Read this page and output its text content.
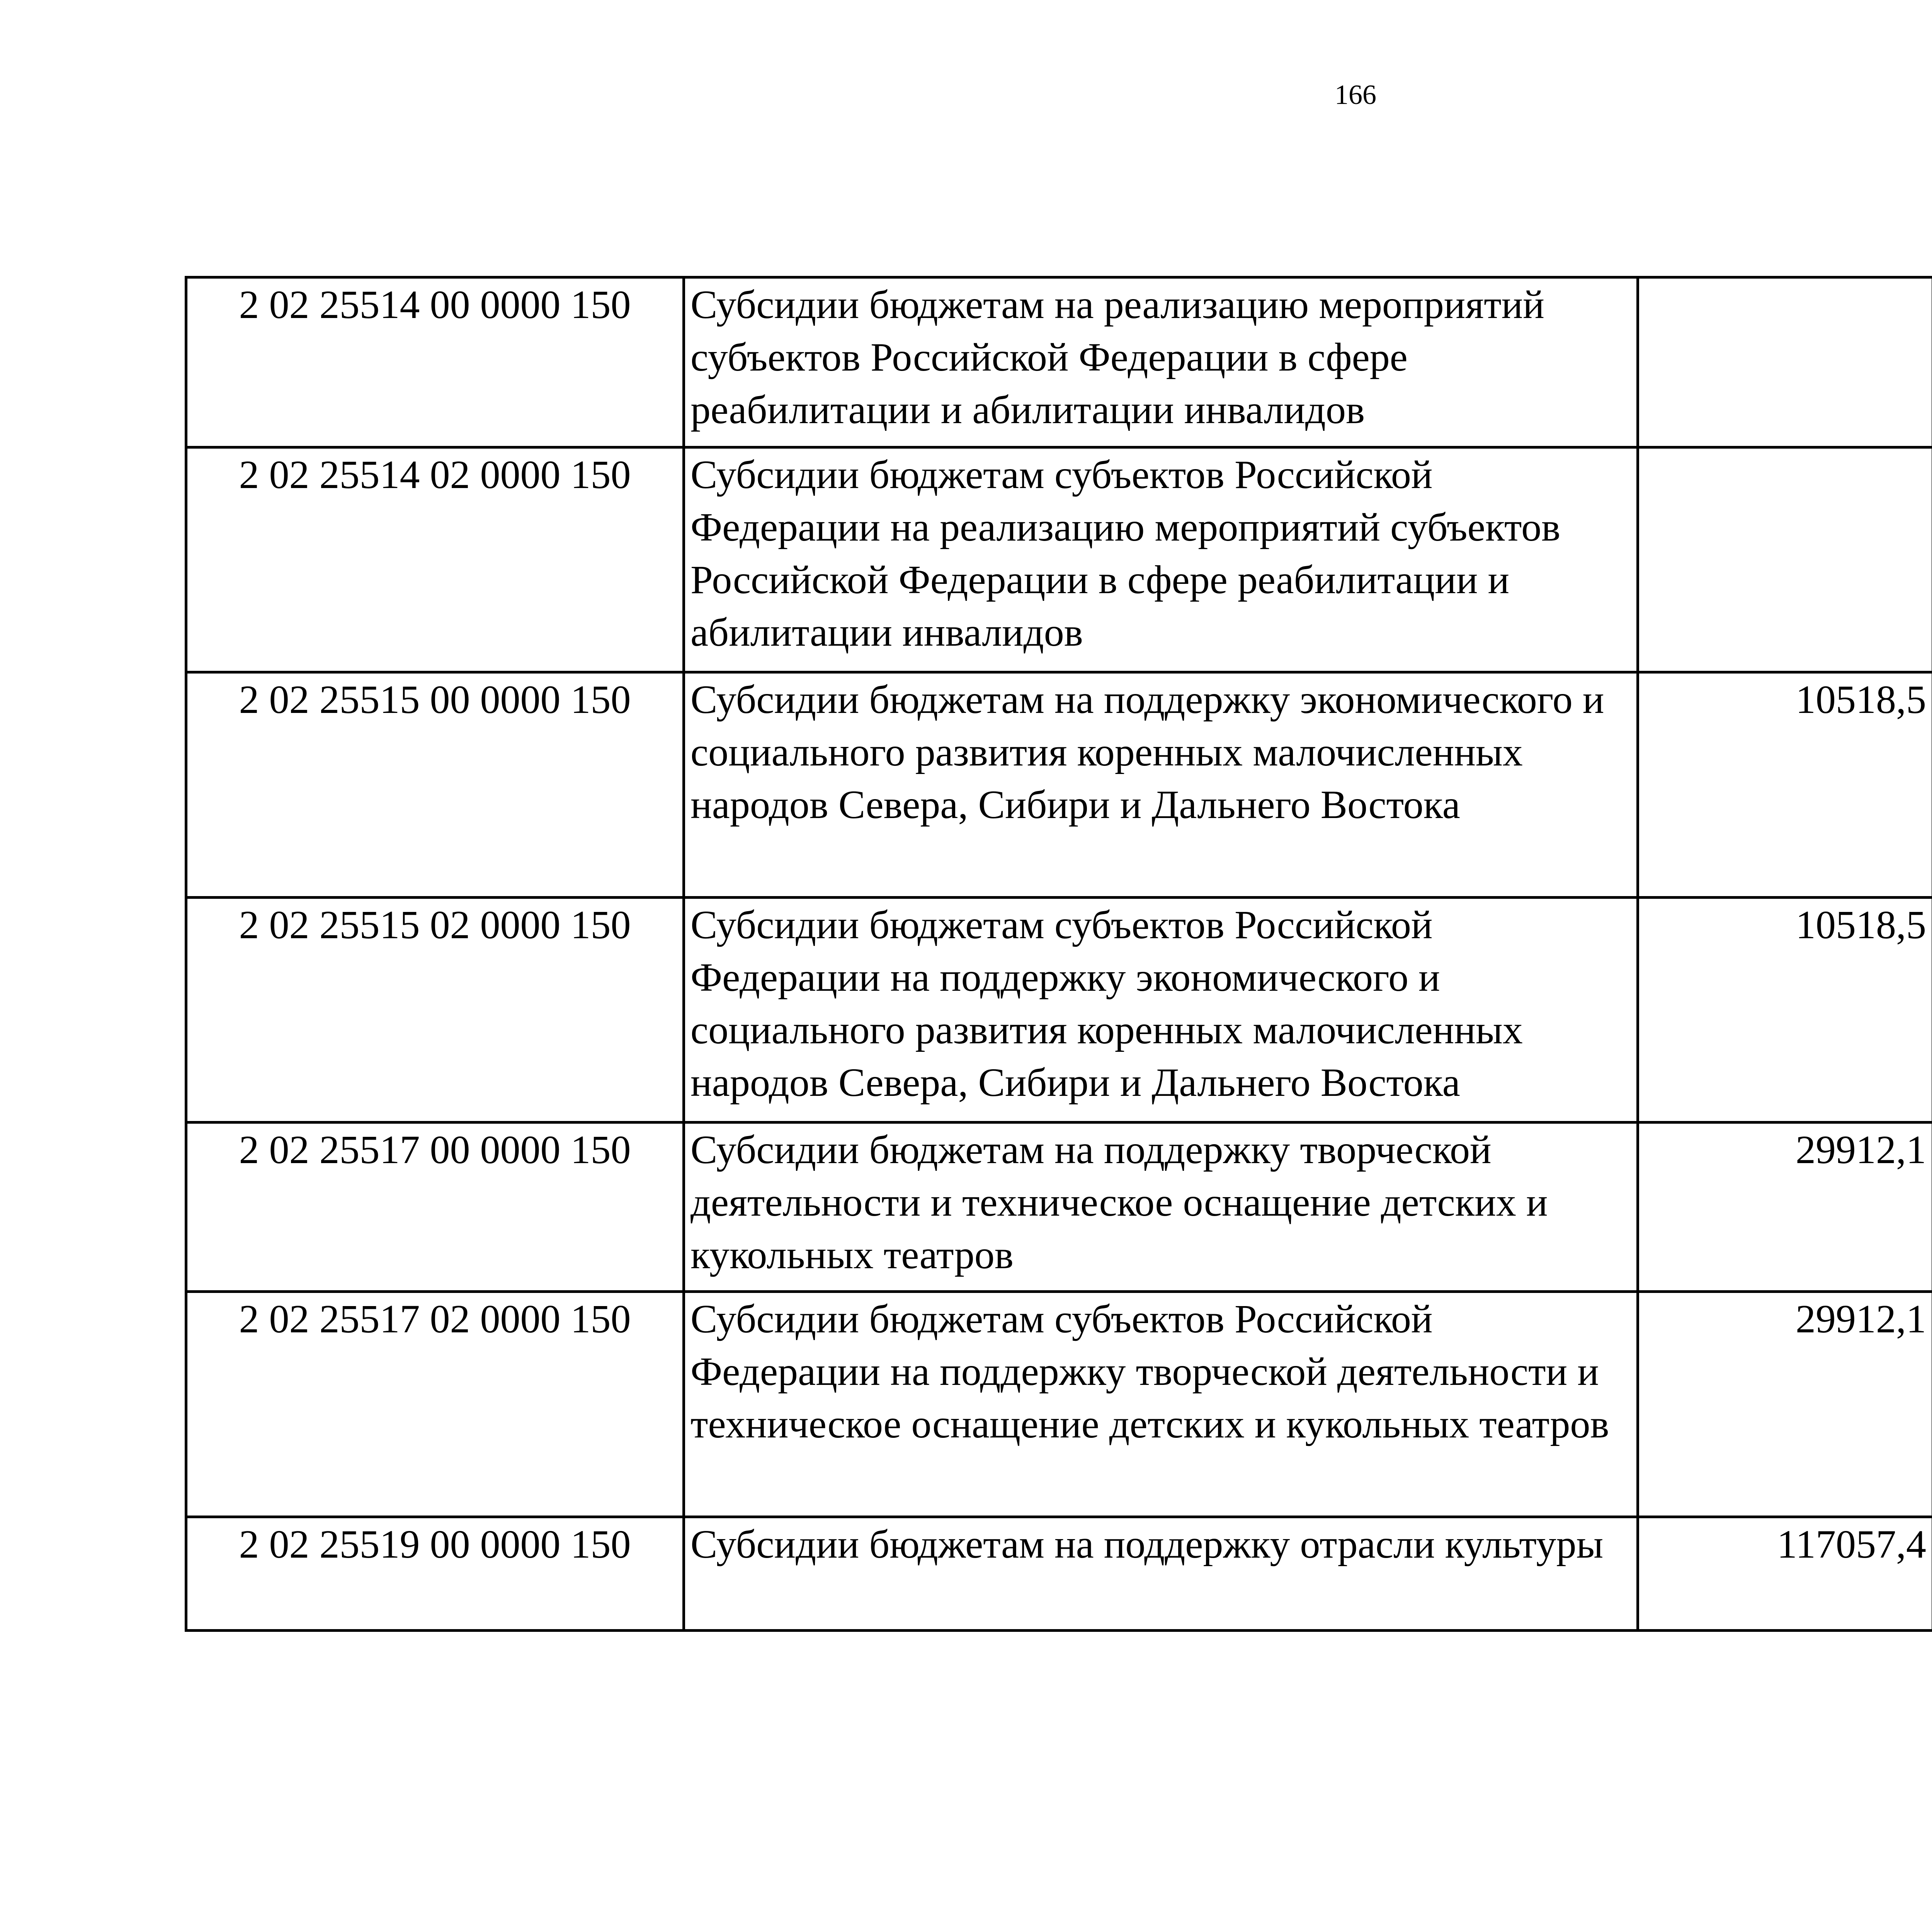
166
2 02 25514 00 0000 150	Субсидии бюджетам на реализацию мероприятий субъектов Российской Федерации в сфере реабилитации и абилитации инвалидов			
2 02 25514 02 0000 150	Субсидии бюджетам субъектов Российской Федерации на реализацию мероприятий субъектов Российской Федерации в сфере реабилитации и абилитации инвалидов			
2 02 25515 00 0000 150	Субсидии бюджетам на поддержку экономического и социального развития коренных малочисленных народов Севера, Сибири и Дальнего Востока	10518,5		
2 02 25515 02 0000 150	Субсидии бюджетам субъектов Российской Федерации на поддержку экономического и социального развития коренных малочисленных народов Севера, Сибири и Дальнего Востока	10518,5		
2 02 25517 00 0000 150	Субсидии бюджетам на поддержку творческой деятельности и техническое оснащение детских и кукольных театров	29912,1		
2 02 25517 02 0000 150	Субсидии бюджетам субъектов Российской Федерации на поддержку творческой деятельности и техническое оснащение детских и кукольных театров	29912,1		
2 02 25519 00 0000 150	Субсидии бюджетам на поддержку отрасли культуры	117057,4		
